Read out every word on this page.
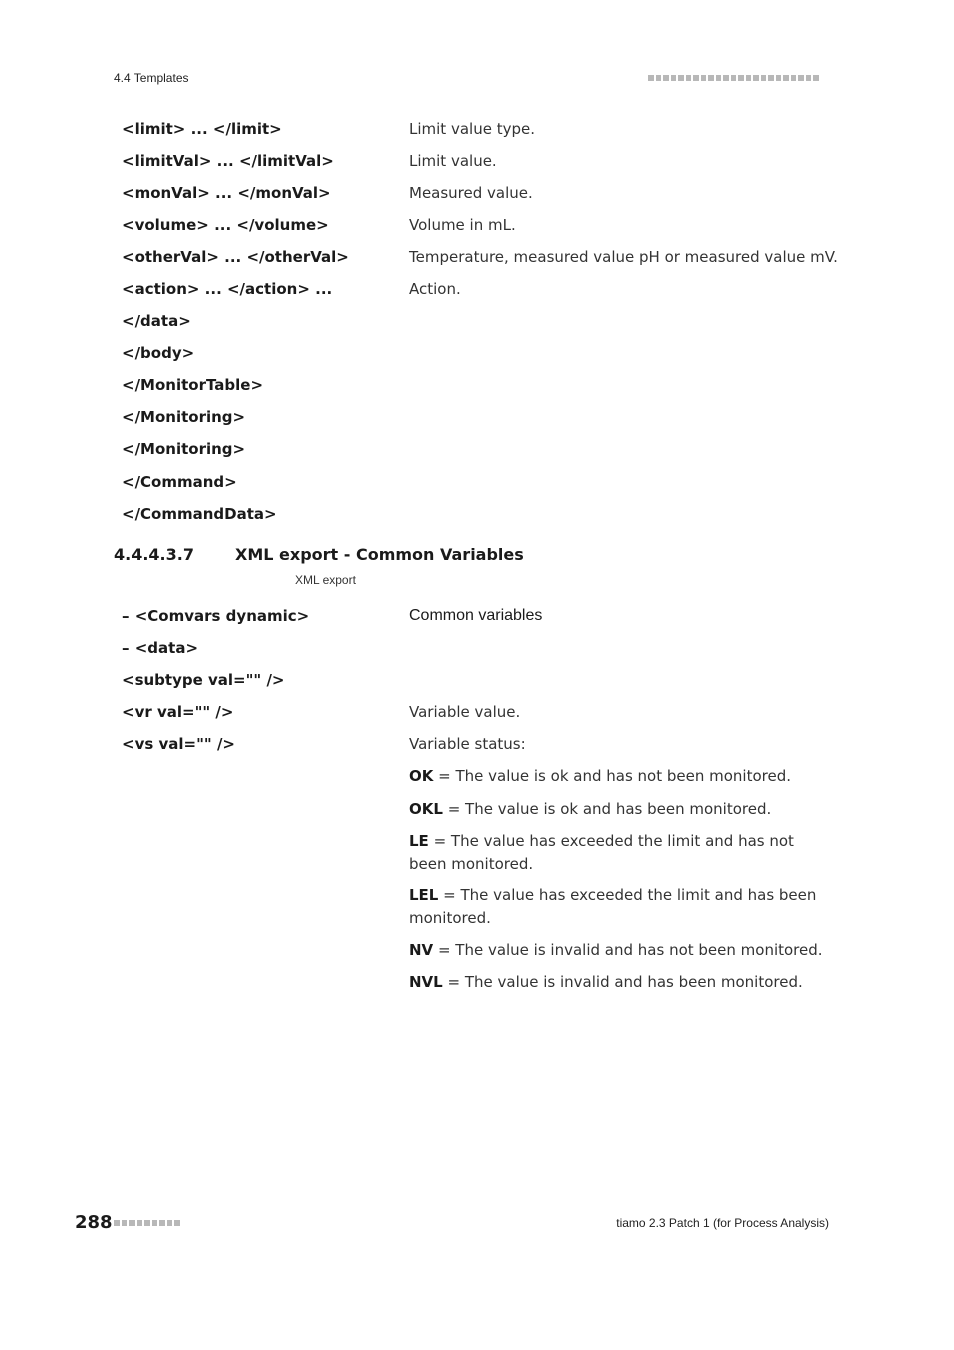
4.4 Templates
<limit> ... </limit>	Limit value type.
<limitVal> ... </limitVal>	Limit value.
<monVal> ... </monVal>	Measured value.
<volume> ... </volume>	Volume in mL.
<otherVal> ... </otherVal>	Temperature, measured value pH or measured value mV.
<action> ... </action> ...	Action.
</data>
</body>
</MonitorTable>
</Monitoring>
</Monitoring>
</Command>
</CommandData>
4.4.4.3.7	XML export - Common Variables
XML export
– <Comvars dynamic>	Common variables
– <data>
<subtype val="" />
<vr val="" />	Variable value.
<vs val="" />	Variable status:
OK = The value is ok and has not been monitored.
OKL = The value is ok and has been monitored.
LE = The value has exceeded the limit and has not been monitored.
LEL = The value has exceeded the limit and has been monitored.
NV = The value is invalid and has not been monitored.
NVL = The value is invalid and has been monitored.
288	tiamo 2.3 Patch 1 (for Process Analysis)
